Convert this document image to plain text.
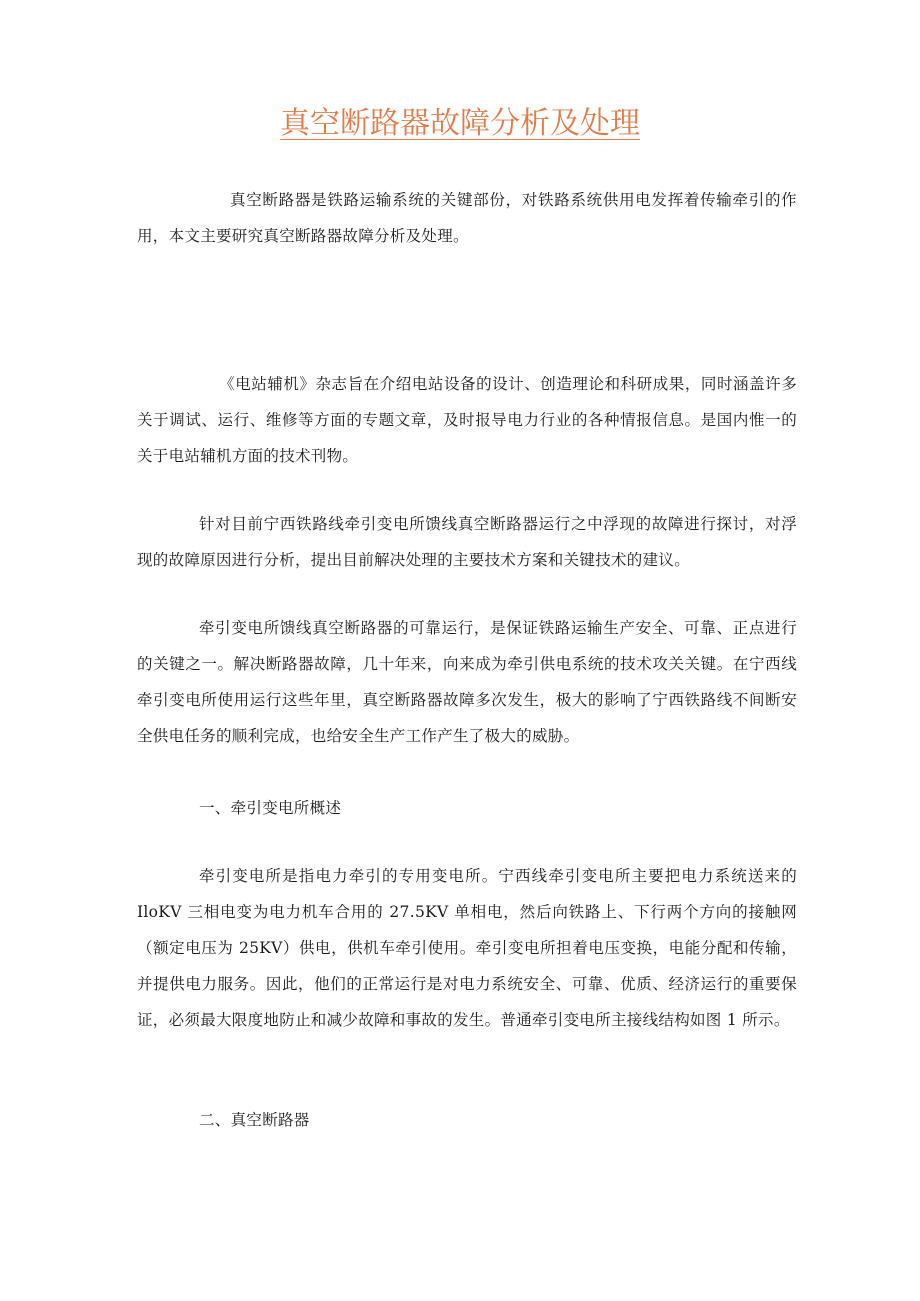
真空断路器故障分析及处理

真空断路器是铁路运输系统的关键部份，对铁路系统供用电发挥着传输牵引的作用，本文主要研究真空断路器故障分析及处理。

《电站辅机》杂志旨在介绍电站设备的设计、创造理论和科研成果，同时涵盖许多关于调试、运行、维修等方面的专题文章，及时报导电力行业的各种情报信息。是国内惟一的关于电站辅机方面的技术刊物。

针对目前宁西铁路线牵引变电所馈线真空断路器运行之中浮现的故障进行探讨，对浮现的故障原因进行分析，提出目前解决处理的主要技术方案和关键技术的建议。

牵引变电所馈线真空断路器的可靠运行，是保证铁路运输生产安全、可靠、正点进行的关键之一。解决断路器故障，几十年来，向来成为牵引供电系统的技术攻关关键。在宁西线牵引变电所使用运行这些年里，真空断路器故障多次发生，极大的影响了宁西铁路线不间断安全供电任务的顺利完成，也给安全生产工作产生了极大的威胁。

一、牵引变电所概述

牵引变电所是指电力牵引的专用变电所。宁西线牵引变电所主要把电力系统送来的 IloKV 三相电变为电力机车合用的 27.5KV 单相电，然后向铁路上、下行两个方向的接触网（额定电压为 25KV）供电，供机车牵引使用。牵引变电所担着电压变换，电能分配和传输，并提供电力服务。因此，他们的正常运行是对电力系统安全、可靠、优质、经济运行的重要保证，必须最大限度地防止和减少故障和事故的发生。普通牵引变电所主接线结构如图 1 所示。

二、真空断路器
